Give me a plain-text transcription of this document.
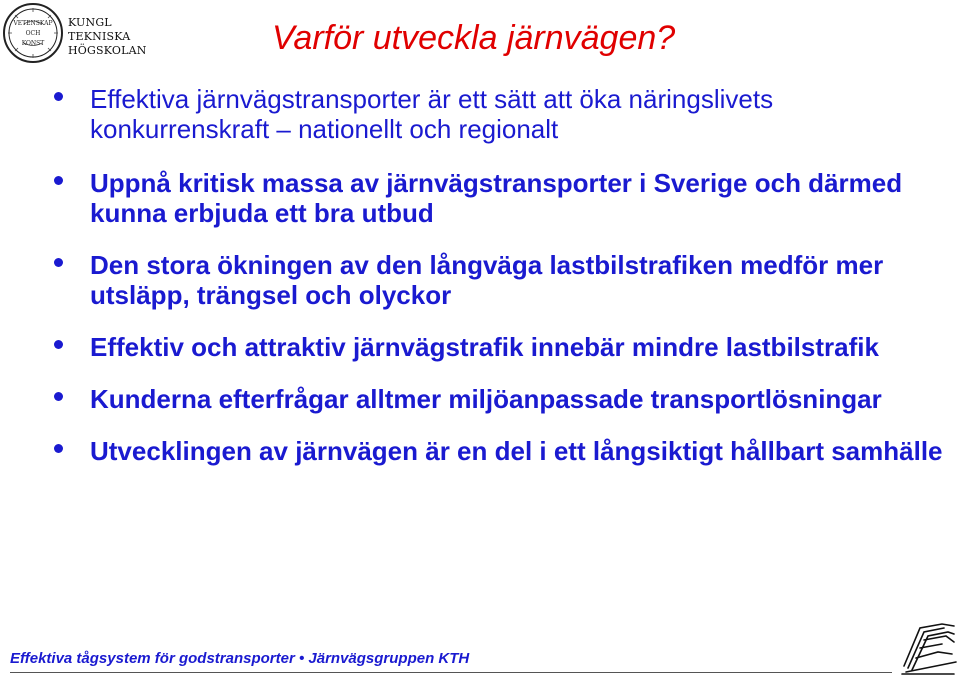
VETENSKAP
OCH
KONST
KUNGL
TEKNISKA
HÖGSKOLAN	Varför utveckla järnvägen?
Effektiva järnvägstransporter är ett sätt att öka näringslivets konkurrenskraft – nationellt och regionalt
Uppnå kritisk massa av järnvägstransporter i Sverige och därmed kunna erbjuda ett bra utbud
Den stora ökningen av den långväga lastbilstrafiken medför mer utsläpp, trängsel och olyckor
Effektiv och attraktiv järnvägstrafik innebär mindre lastbilstrafik
Kunderna efterfrågar alltmer miljöanpassade transportlösningar
Utvecklingen av järnvägen är en del i ett långsiktigt hållbart samhälle
Effektiva tågsystem för godstransporter • Järnvägsgruppen KTH
